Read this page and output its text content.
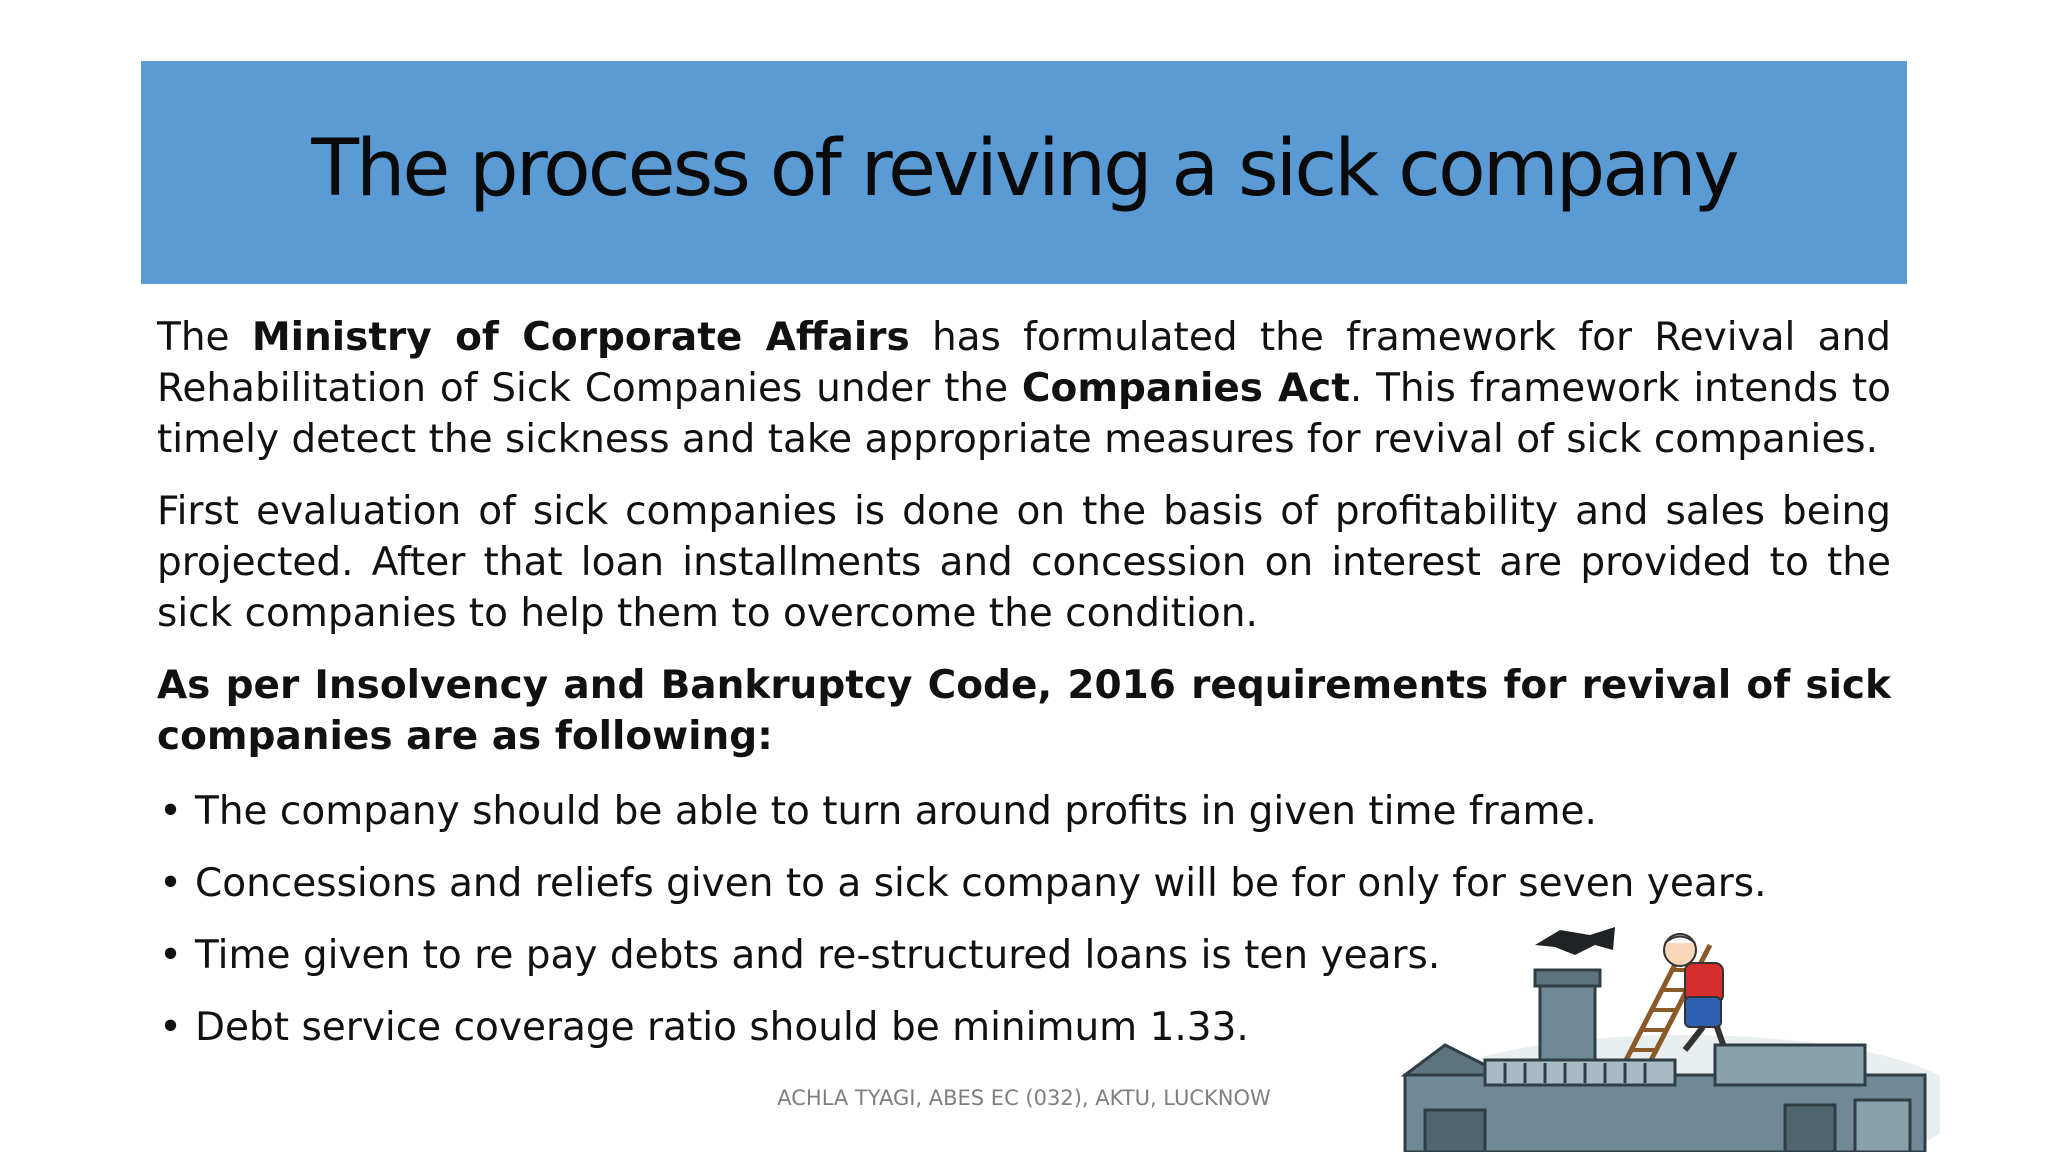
The process of reviving a sick company

The Ministry of Corporate Affairs has formulated the framework for Revival and Rehabilitation of Sick Companies under the Companies Act. This framework intends to timely detect the sickness and take appropriate measures for revival of sick companies.

First evaluation of sick companies is done on the basis of profitability and sales being projected. After that loan installments and concession on interest are provided to the sick companies to help them to overcome the condition.

As per Insolvency and Bankruptcy Code, 2016 requirements for revival of sick companies are as following:

• The company should be able to turn around profits in given time frame.
• Concessions and reliefs given to a sick company will be for only for seven years.
• Time given to re pay debts and re-structured loans is ten years.
• Debt service coverage ratio should be minimum 1.33.
ACHLA TYAGI, ABES EC (032), AKTU, LUCKNOW
